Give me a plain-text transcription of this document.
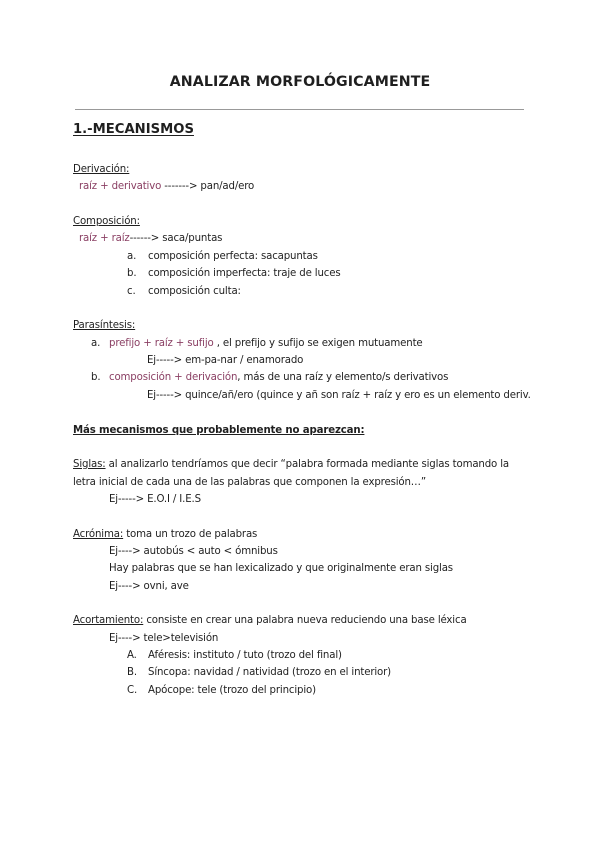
ANALIZAR MORFOLÓGICAMENTE
1.-MECANISMOS
Derivación:
raíz + derivativo -------> pan/ad/ero
Composición:
raíz + raíz------> saca/puntas
a. composición perfecta: sacapuntas
b. composición imperfecta: traje de luces
c. composición culta:
Parasíntesis:
a. prefijo + raíz + sufijo , el prefijo y sufijo se exigen mutuamente
Ej-----> em-pa-nar / enamorado
b. composición + derivación, más de una raíz y elemento/s derivativos
Ej-----> quince/añ/ero (quince y añ son raíz + raíz y ero es un elemento deriv.
Más mecanismos que probablemente no aparezcan:
Siglas: al analizarlo tendríamos que decir “palabra formada mediante siglas tomando la
letra inicial de cada una de las palabras que componen la expresión…”
Ej-----> E.O.I / I.E.S
Acrónima: toma un trozo de palabras
Ej----> autobús < auto < ómnibus
Hay palabras que se han lexicalizado y que originalmente eran siglas
Ej----> ovni, ave
Acortamiento: consiste en crear una palabra nueva reduciendo una base léxica
Ej----> tele>televisión
A. Aféresis: instituto / tuto (trozo del final)
B. Síncopa: navidad / natividad (trozo en el interior)
C. Apócope: tele (trozo del principio)
